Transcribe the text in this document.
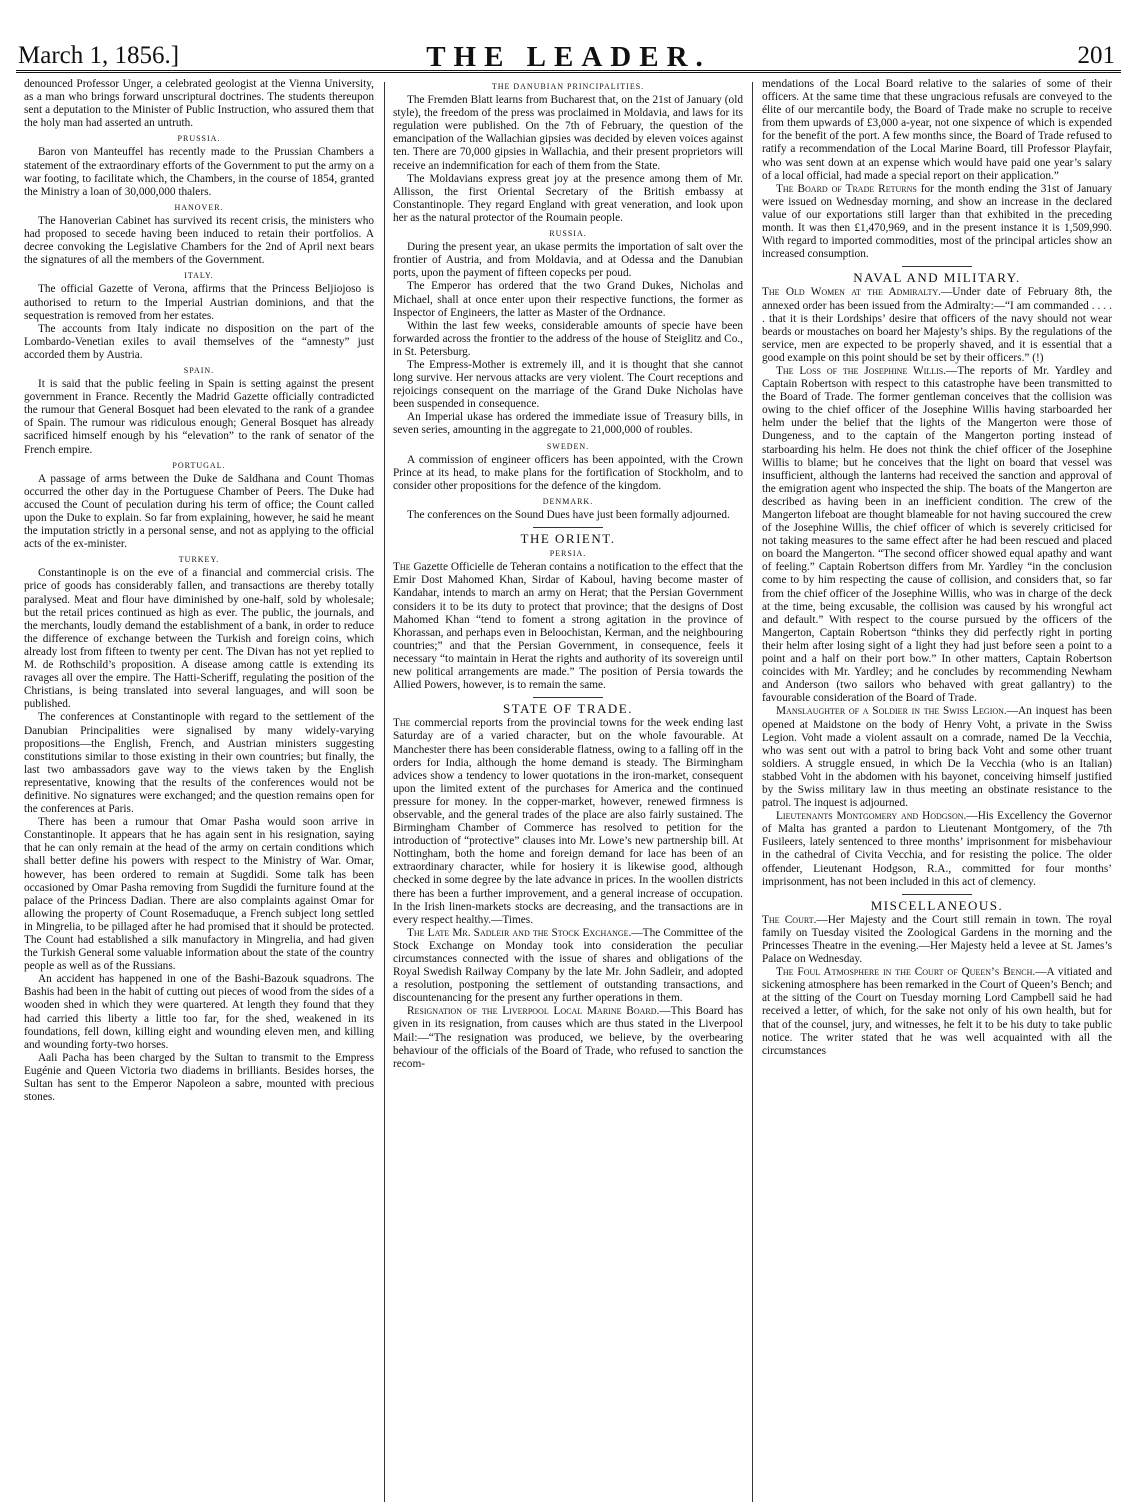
March 1, 1856.]	THE LEADER.	201

denounced Professor Unger, a celebrated geologist at the Vienna University, as a man who brings forward unscriptural doctrines. The students thereupon sent a deputation to the Minister of Public Instruction, who assured them that the holy man had asserted an untruth.

PRUSSIA.

Baron von Manteuffel has recently made to the Prussian Chambers a statement of the extraordinary efforts of the Government to put the army on a war footing, to facilitate which, the Chambers, in the course of 1854, granted the Ministry a loan of 30,000,000 thalers.

HANOVER.

The Hanoverian Cabinet has survived its recent crisis, the ministers who had proposed to secede having been induced to retain their portfolios. A decree convoking the Legislative Chambers for the 2nd of April next bears the signatures of all the members of the Government.

ITALY.

The official Gazette of Verona, affirms that the Princess Beljiojoso is authorised to return to the Imperial Austrian dominions, and that the sequestration is removed from her estates.

The accounts from Italy indicate no disposition on the part of the Lombardo-Venetian exiles to avail themselves of the “amnesty” just accorded them by Austria.

SPAIN.

It is said that the public feeling in Spain is setting against the present government in France. Recently the Madrid Gazette officially contradicted the rumour that General Bosquet had been elevated to the rank of a grandee of Spain. The rumour was ridiculous enough; General Bosquet has already sacrificed himself enough by his “elevation” to the rank of senator of the French empire.

PORTUGAL.

A passage of arms between the Duke de Saldhana and Count Thomas occurred the other day in the Portuguese Chamber of Peers. The Duke had accused the Count of peculation during his term of office; the Count called upon the Duke to explain. So far from explaining, however, he said he meant the imputation strictly in a personal sense, and not as applying to the official acts of the ex-minister.

TURKEY.

Constantinople is on the eve of a financial and commercial crisis. The price of goods has considerably fallen, and transactions are thereby totally paralysed. Meat and flour have diminished by one-half, sold by wholesale; but the retail prices continued as high as ever. The public, the journals, and the merchants, loudly demand the establishment of a bank, in order to reduce the difference of exchange between the Turkish and foreign coins, which already lost from fifteen to twenty per cent. The Divan has not yet replied to M. de Rothschild’s proposition. A disease among cattle is extending its ravages all over the empire. The Hatti-Scheriff, regulating the position of the Christians, is being translated into several languages, and will soon be published.

The conferences at Constantinople with regard to the settlement of the Danubian Principalities were signalised by many widely-varying propositions—the English, French, and Austrian ministers suggesting constitutions similar to those existing in their own countries; but finally, the last two ambassadors gave way to the views taken by the English representative, knowing that the results of the conferences would not be definitive. No signatures were exchanged; and the question remains open for the conferences at Paris.

There has been a rumour that Omar Pasha would soon arrive in Constantinople. It appears that he has again sent in his resignation, saying that he can only remain at the head of the army on certain conditions which shall better define his powers with respect to the Ministry of War. Omar, however, has been ordered to remain at Sugdidi. Some talk has been occasioned by Omar Pasha removing from Sugdidi the furniture found at the palace of the Princess Dadian. There are also complaints against Omar for allowing the property of Count Rosemaduque, a French subject long settled in Mingrelia, to be pillaged after he had promised that it should be protected. The Count had established a silk manufactory in Mingrelia, and had given the Turkish General some valuable information about the state of the country people as well as of the Russians.

An accident has happened in one of the Bashi-Bazouk squadrons. The Bashis had been in the habit of cutting out pieces of wood from the sides of a wooden shed in which they were quartered. At length they found that they had carried this liberty a little too far, for the shed, weakened in its foundations, fell down, killing eight and wounding eleven men, and killing and wounding forty-two horses.

Aali Pacha has been charged by the Sultan to transmit to the Empress Eugénie and Queen Victoria two diadems in brilliants. Besides horses, the Sultan has sent to the Emperor Napoleon a sabre, mounted with precious stones.

THE DANUBIAN PRINCIPALITIES.

The Fremden Blatt learns from Bucharest that, on the 21st of January (old style), the freedom of the press was proclaimed in Moldavia, and laws for its regulation were published. On the 7th of February, the question of the emancipation of the Wallachian gipsies was decided by eleven voices against ten. There are 70,000 gipsies in Wallachia, and their present proprietors will receive an indemnification for each of them from the State.

The Moldavians express great joy at the presence among them of Mr. Allisson, the first Oriental Secretary of the British embassy at Constantinople. They regard England with great veneration, and look upon her as the natural protector of the Roumain people.

RUSSIA.

During the present year, an ukase permits the importation of salt over the frontier of Austria, and from Moldavia, and at Odessa and the Danubian ports, upon the payment of fifteen copecks per poud.

The Emperor has ordered that the two Grand Dukes, Nicholas and Michael, shall at once enter upon their respective functions, the former as Inspector of Engineers, the latter as Master of the Ordnance.

Within the last few weeks, considerable amounts of specie have been forwarded across the frontier to the address of the house of Steiglitz and Co., in St. Petersburg.

The Empress-Mother is extremely ill, and it is thought that she cannot long survive. Her nervous attacks are very violent. The Court receptions and rejoicings consequent on the marriage of the Grand Duke Nicholas have been suspended in consequence.

An Imperial ukase has ordered the immediate issue of Treasury bills, in seven series, amounting in the aggregate to 21,000,000 of roubles.

SWEDEN.

A commission of engineer officers has been appointed, with the Crown Prince at its head, to make plans for the fortification of Stockholm, and to consider other propositions for the defence of the kingdom.

DENMARK.

The conferences on the Sound Dues have just been formally adjourned.

THE ORIENT.
PERSIA.

The Gazette Officielle de Teheran contains a notification to the effect that the Emir Dost Mahomed Khan, Sirdar of Kaboul, having become master of Kandahar, intends to march an army on Herat; that the Persian Government considers it to be its duty to protect that province; that the designs of Dost Mahomed Khan “tend to foment a strong agitation in the province of Khorassan, and perhaps even in Beloochistan, Kerman, and the neighbouring countries;” and that the Persian Government, in consequence, feels it necessary “to maintain in Herat the rights and authority of its sovereign until new political arrangements are made.” The position of Persia towards the Allied Powers, however, is to remain the same.

STATE OF TRADE.

The commercial reports from the provincial towns for the week ending last Saturday are of a varied character, but on the whole favourable. At Manchester there has been considerable flatness, owing to a falling off in the orders for India, although the home demand is steady. The Birmingham advices show a tendency to lower quotations in the iron-market, consequent upon the limited extent of the purchases for America and the continued pressure for money. In the copper-market, however, renewed firmness is observable, and the general trades of the place are also fairly sustained. The Birmingham Chamber of Commerce has resolved to petition for the introduction of “protective” clauses into Mr. Lowe’s new partnership bill. At Nottingham, both the home and foreign demand for lace has been of an extraordinary character, while for hosiery it is likewise good, although checked in some degree by the late advance in prices. In the woollen districts there has been a further improvement, and a general increase of occupation. In the Irish linen-markets stocks are decreasing, and the transactions are in every respect healthy.—Times.

The Late Mr. Sadleir and the Stock Exchange.—The Committee of the Stock Exchange on Monday took into consideration the peculiar circumstances connected with the issue of shares and obligations of the Royal Swedish Railway Company by the late Mr. John Sadleir, and adopted a resolution, postponing the settlement of outstanding transactions, and discountenancing for the present any further operations in them.

Resignation of the Liverpool Local Marine Board.—This Board has given in its resignation, from causes which are thus stated in the Liverpool Mail:—“The resignation was produced, we believe, by the overbearing behaviour of the officials of the Board of Trade, who refused to sanction the recom-

mendations of the Local Board relative to the salaries of some of their officers. At the same time that these ungracious refusals are conveyed to the élite of our mercantile body, the Board of Trade make no scruple to receive from them upwards of £3,000 a-year, not one sixpence of which is expended for the benefit of the port. A few months since, the Board of Trade refused to ratify a recommendation of the Local Marine Board, till Professor Playfair, who was sent down at an expense which would have paid one year’s salary of a local official, had made a special report on their application.”

The Board of Trade Returns for the month ending the 31st of January were issued on Wednesday morning, and show an increase in the declared value of our exportations still larger than that exhibited in the preceding month. It was then £1,470,969, and in the present instance it is 1,509,990. With regard to imported commodities, most of the principal articles show an increased consumption.

NAVAL AND MILITARY.

The Old Women at the Admiralty.—Under date of February 8th, the annexed order has been issued from the Admiralty:—“I am commanded . . . . . that it is their Lordships’ desire that officers of the navy should not wear beards or moustaches on board her Majesty’s ships. By the regulations of the service, men are expected to be properly shaved, and it is essential that a good example on this point should be set by their officers.” (!)

The Loss of the Josephine Willis.—The reports of Mr. Yardley and Captain Robertson with respect to this catastrophe have been transmitted to the Board of Trade. The former gentleman conceives that the collision was owing to the chief officer of the Josephine Willis having starboarded her helm under the belief that the lights of the Mangerton were those of Dungeness, and to the captain of the Mangerton porting instead of starboarding his helm. He does not think the chief officer of the Josephine Willis to blame; but he conceives that the light on board that vessel was insufficient, although the lanterns had received the sanction and approval of the emigration agent who inspected the ship. The boats of the Mangerton are described as having been in an inefficient condition. The crew of the Mangerton lifeboat are thought blameable for not having succoured the crew of the Josephine Willis, the chief officer of which is severely criticised for not taking measures to the same effect after he had been rescued and placed on board the Mangerton. “The second officer showed equal apathy and want of feeling.” Captain Robertson differs from Mr. Yardley “in the conclusion come to by him respecting the cause of collision, and considers that, so far from the chief officer of the Josephine Willis, who was in charge of the deck at the time, being excusable, the collision was caused by his wrongful act and default.” With respect to the course pursued by the officers of the Mangerton, Captain Robertson “thinks they did perfectly right in porting their helm after losing sight of a light they had just before seen a point to a point and a half on their port bow.” In other matters, Captain Robertson coincides with Mr. Yardley; and he concludes by recommending Newham and Anderson (two sailors who behaved with great gallantry) to the favourable consideration of the Board of Trade.

Manslaughter of a Soldier in the Swiss Legion.—An inquest has been opened at Maidstone on the body of Henry Voht, a private in the Swiss Legion. Voht made a violent assault on a comrade, named De la Vecchia, who was sent out with a patrol to bring back Voht and some other truant soldiers. A struggle ensued, in which De la Vecchia (who is an Italian) stabbed Voht in the abdomen with his bayonet, conceiving himself justified by the Swiss military law in thus meeting an obstinate resistance to the patrol. The inquest is adjourned.

Lieutenants Montgomery and Hodgson.—His Excellency the Governor of Malta has granted a pardon to Lieutenant Montgomery, of the 7th Fusileers, lately sentenced to three months’ imprisonment for misbehaviour in the cathedral of Civita Vecchia, and for resisting the police. The older offender, Lieutenant Hodgson, R.A., committed for four months’ imprisonment, has not been included in this act of clemency.

MISCELLANEOUS.

The Court.—Her Majesty and the Court still remain in town. The royal family on Tuesday visited the Zoological Gardens in the morning and the Princesses Theatre in the evening.—Her Majesty held a levee at St. James’s Palace on Wednesday.

The Foul Atmosphere in the Court of Queen’s Bench.—A vitiated and sickening atmosphere has been remarked in the Court of Queen’s Bench; and at the sitting of the Court on Tuesday morning Lord Campbell said he had received a letter, of which, for the sake not only of his own health, but for that of the counsel, jury, and witnesses, he felt it to be his duty to take public notice. The writer stated that he was well acquainted with all the circumstances
